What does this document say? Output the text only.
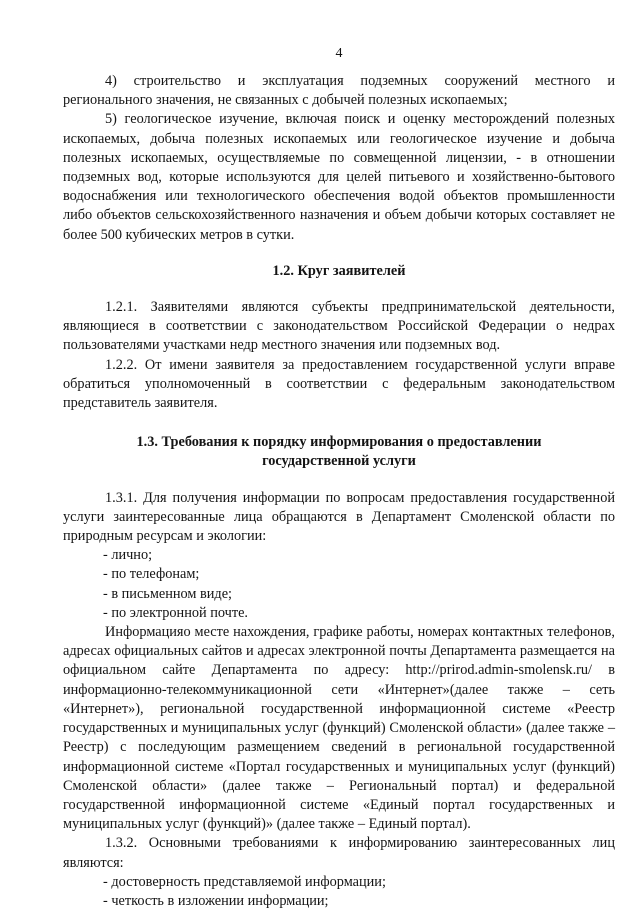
4

4) строительство и эксплуатация подземных сооружений местного и регионального значения, не связанных с добычей полезных ископаемых;

5) геологическое изучение, включая поиск и оценку месторождений полезных ископаемых, добыча полезных ископаемых или геологическое изучение и добыча полезных ископаемых, осуществляемые по совмещенной лицензии, - в отношении подземных вод, которые используются для целей питьевого и хозяйственно-бытового водоснабжения или технологического обеспечения водой объектов промышленности либо объектов сельскохозяйственного назначения и объем добычи которых составляет не более 500 кубических метров в сутки.

1.2. Круг заявителей

1.2.1. Заявителями являются субъекты предпринимательской деятельности, являющиеся в соответствии с законодательством Российской Федерации о недрах пользователями участками недр местного значения или подземных вод.

1.2.2. От имени заявителя за предоставлением государственной услуги вправе обратиться уполномоченный в соответствии с федеральным законодательством представитель заявителя.

1.3. Требования к порядку информирования о предоставлении
государственной услуги

1.3.1. Для получения информации по вопросам предоставления государственной услуги заинтересованные лица обращаются в Департамент Смоленской области по природным ресурсам и экологии:

- лично;

- по телефонам;

- в письменном виде;

- по электронной почте.

Информацияо месте нахождения, графике работы, номерах контактных телефонов, адресах официальных сайтов и адресах электронной почты Департамента размещается на официальном сайте Департамента по адресу: http://prirod.admin-smolensk.ru/ в информационно-телекоммуникационной сети «Интернет»(далее также – сеть «Интернет»), региональной государственной информационной системе «Реестр государственных и муниципальных услуг (функций) Смоленской области» (далее также – Реестр) с последующим размещением сведений в региональной государственной информационной системе «Портал государственных и муниципальных услуг (функций) Смоленской области» (далее также – Региональный портал) и федеральной государственной информационной системе «Единый портал государственных и муниципальных услуг (функций)» (далее также – Единый портал).

1.3.2. Основными требованиями к информированию заинтересованных лиц являются:

- достоверность представляемой информации;

- четкость в изложении информации;
